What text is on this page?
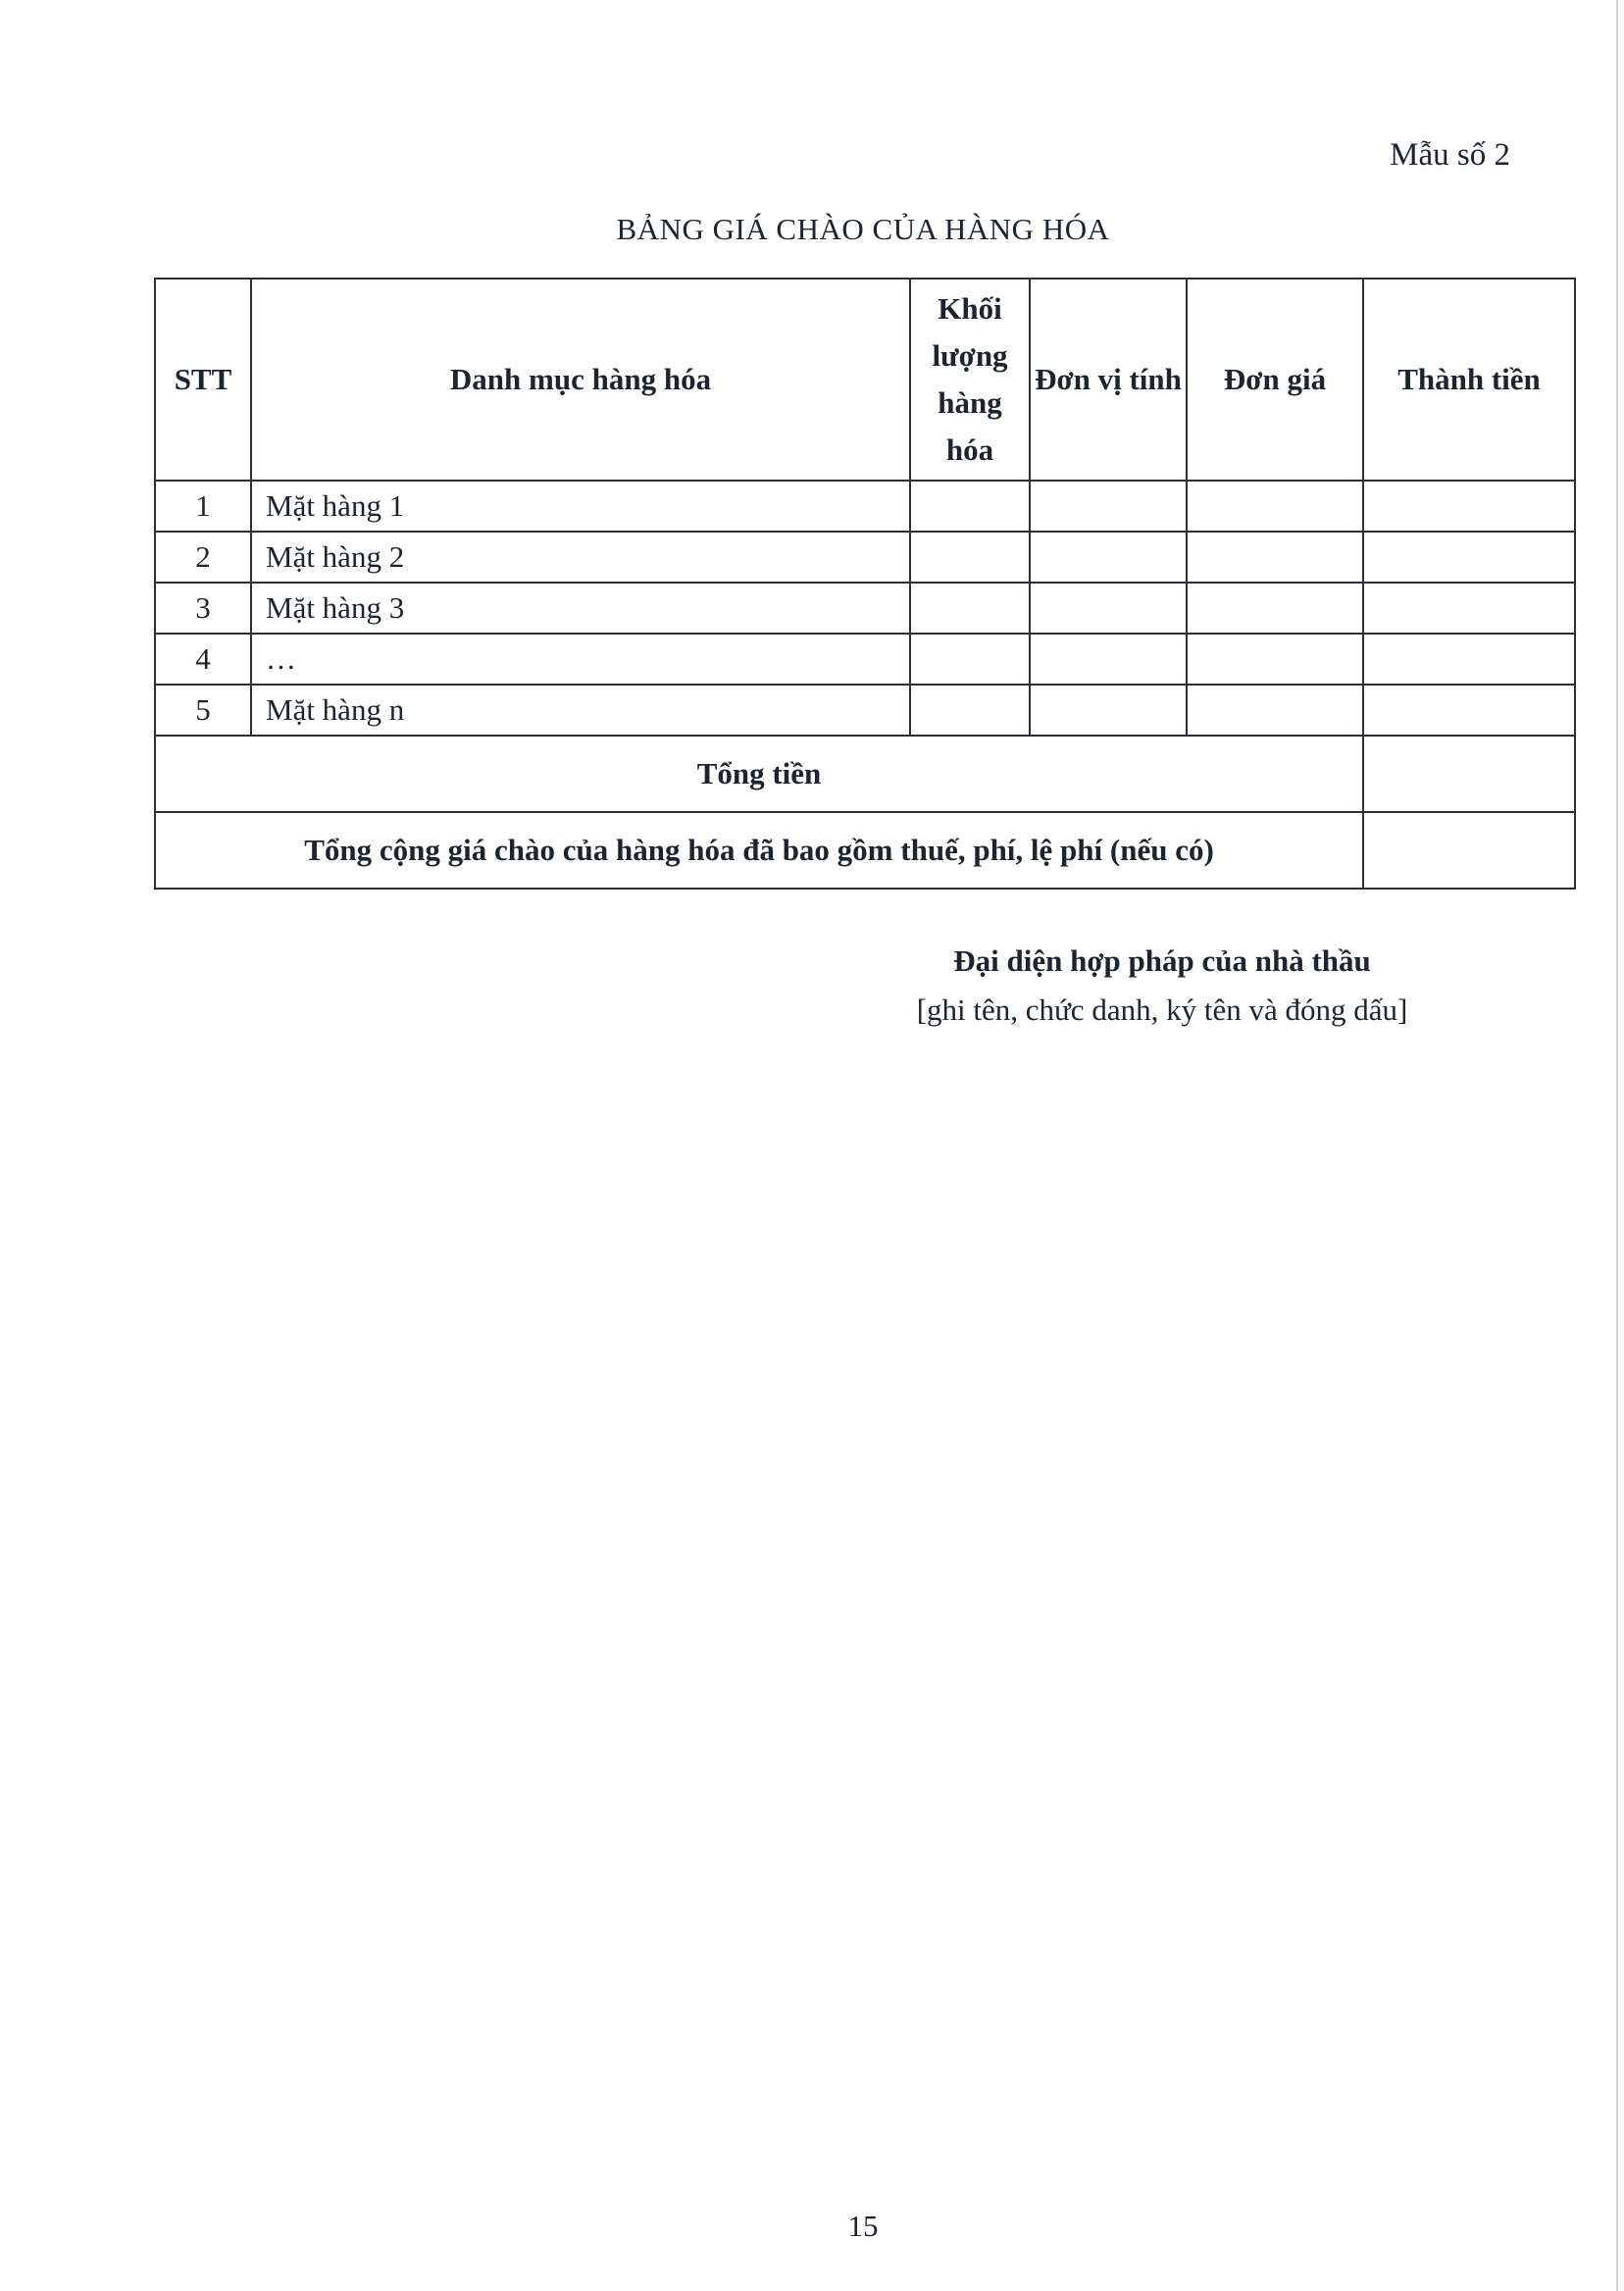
Mẫu số 2
BẢNG GIÁ CHÀO CỦA HÀNG HÓA
STT	Danh mục hàng hóa	Khối lượng hàng hóa	Đơn vị tính	Đơn giá	Thành tiền
1	Mặt hàng 1				
2	Mặt hàng 2				
3	Mặt hàng 3				
4	…				
5	Mặt hàng n				
Tổng tiền					
Tổng cộng giá chào của hàng hóa đã bao gồm thuế, phí, lệ phí (nếu có)					
Đại diện hợp pháp của nhà thầu
[ghi tên, chức danh, ký tên và đóng dấu]
15
